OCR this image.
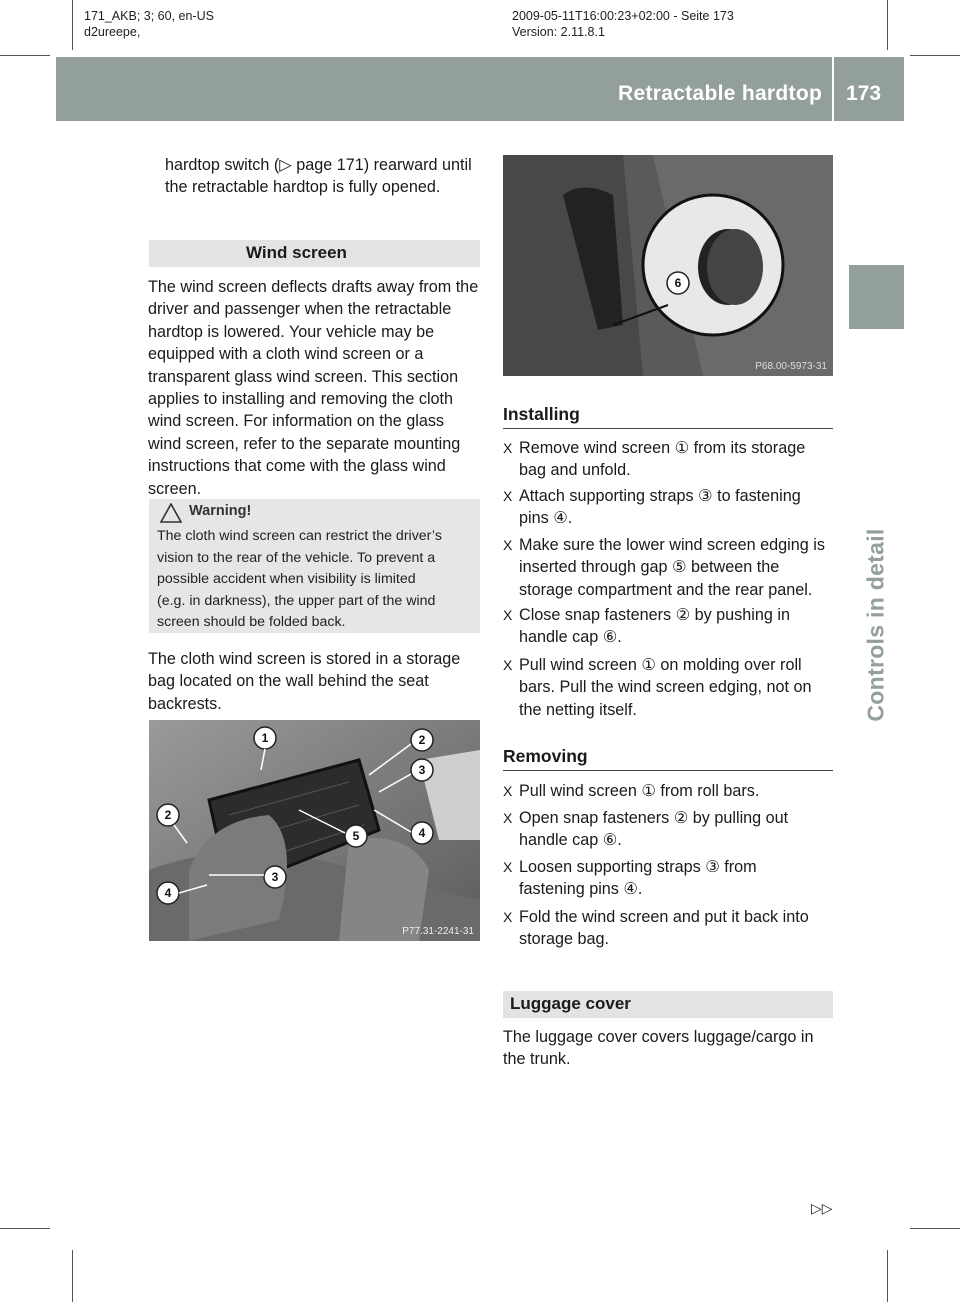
171_AKB; 3; 60, en-US
d2ureepe,
2009-05-11T16:00:23+02:00 - Seite 173
Version: 2.11.8.1
Retractable hardtop 173
Controls in detail
hardtop switch (▷ page 171) rearward until
the retractable hardtop is fully opened.
Wind screen
The wind screen deflects drafts away from the
driver and passenger when the retractable
hardtop is lowered. Your vehicle may be
equipped with a cloth wind screen or a
transparent glass wind screen. This section
applies to installing and removing the cloth
wind screen. For information on the glass
wind screen, refer to the separate mounting
instructions that come with the glass wind
screen.
Warning!
The cloth wind screen can restrict the driver’s
vision to the rear of the vehicle. To prevent a
possible accident when visibility is limited
(e.g. in darkness), the upper part of the wind
screen should be folded back.
The cloth wind screen is stored in a storage
bag located on the wall behind the seat
backrests.
1	2
3
2
4
5
3
4
P77.31-2241-31
6
P68.00-5973-31
Installing
X Remove wind screen ① from its storage
bag and unfold.
X Attach supporting straps ③ to fastening
pins ④.
X Make sure the lower wind screen edging is
inserted through gap ⑤ between the
storage compartment and the rear panel.
X Close snap fasteners ② by pushing in
handle cap ⑥.
X Pull wind screen ① on molding over roll
bars. Pull the wind screen edging, not on
the netting itself.
Removing
X Pull wind screen ① from roll bars.
X Open snap fasteners ② by pulling out
handle cap ⑥.
X Loosen supporting straps ③ from
fastening pins ④.
X Fold the wind screen and put it back into
storage bag.
Luggage cover
The luggage cover covers luggage/cargo in
the trunk.
▷▷
